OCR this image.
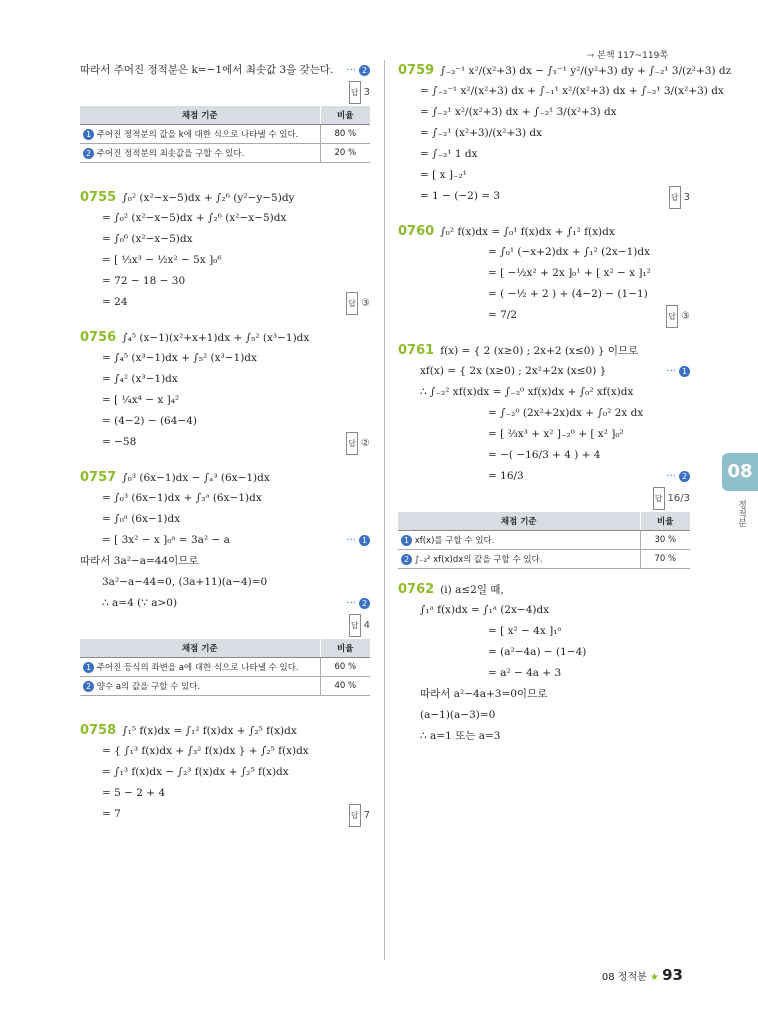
→ 본책 117~119쪽
따라서 주어진 정적분은 k=−1에서 최솟값 3을 갖는다. ··· 2
답 3
채점 기준	비율
1 주어진 정적분의 값을 k에 대한 식으로 나타낼 수 있다.	80 %
2 주어진 정적분의 최솟값을 구할 수 있다.	20 %
0755 ∫₀² (x²−x−5)dx + ∫₂⁶ (y²−y−5)dy
= ∫₀² (x²−x−5)dx + ∫₂⁶ (x²−x−5)dx
= ∫₀⁶ (x²−x−5)dx
= [ ⅓x³ − ½x² − 5x ]₀⁶
= 72 − 18 − 30
= 24	답 ③
0756 ∫₄⁵ (x−1)(x²+x+1)dx + ∫₅² (x³−1)dx
= ∫₄⁵ (x³−1)dx + ∫₅² (x³−1)dx
= ∫₄² (x³−1)dx
= [ ¼x⁴ − x ]₄²
= (4−2) − (64−4)
= −58	답 ②
0757 ∫₀³ (6x−1)dx − ∫ₐ³ (6x−1)dx
= ∫₀³ (6x−1)dx + ∫₃ᵃ (6x−1)dx
= ∫₀ᵃ (6x−1)dx
= [ 3x² − x ]₀ᵃ = 3a² − a	··· 1
따라서 3a²−a=44이므로
3a²−a−44=0, (3a+11)(a−4)=0
∴ a=4 (∵ a>0)	··· 2
답 4
채점 기준	비율
1 주어진 등식의 좌변을 a에 대한 식으로 나타낼 수 있다.	60 %
2 양수 a의 값을 구할 수 있다.	40 %
0758 ∫₁⁵ f(x)dx = ∫₁² f(x)dx + ∫₂⁵ f(x)dx
= { ∫₁³ f(x)dx + ∫₃² f(x)dx } + ∫₂⁵ f(x)dx
= ∫₁³ f(x)dx − ∫₂³ f(x)dx + ∫₂⁵ f(x)dx
= 5 − 2 + 4
= 7	답 7
0759 ∫₋₂⁻¹ x²/(x²+3) dx − ∫₁⁻¹ y²/(y²+3) dy + ∫₋₂¹ 3/(z²+3) dz
= ∫₋₂⁻¹ x²/(x²+3) dx + ∫₋₁¹ x²/(x²+3) dx + ∫₋₂¹ 3/(x²+3) dx
= ∫₋₂¹ x²/(x²+3) dx + ∫₋₂¹ 3/(x²+3) dx
= ∫₋₂¹ (x²+3)/(x²+3) dx
= ∫₋₂¹ 1 dx
= [ x ]₋₂¹
= 1 − (−2) = 3	답 3
0760 ∫₀² f(x)dx = ∫₀¹ f(x)dx + ∫₁² f(x)dx
= ∫₀¹ (−x+2)dx + ∫₁² (2x−1)dx
= [ −½x² + 2x ]₀¹ + [ x² − x ]₁²
= ( −½ + 2 ) + (4−2) − (1−1)
= 7/2	답 ③
0761 f(x) = { 2 (x≥0) ; 2x+2 (x≤0) } 이므로
xf(x) = { 2x (x≥0) ; 2x²+2x (x≤0) }	··· 1
∴ ∫₋₂² xf(x)dx = ∫₋₂⁰ xf(x)dx + ∫₀² xf(x)dx
= ∫₋₂⁰ (2x²+2x)dx + ∫₀² 2x dx
= [ ⅔x³ + x² ]₋₂⁰ + [ x² ]₀²
= −( −16/3 + 4 ) + 4
= 16/3	··· 2
답 16/3
채점 기준	비율
1 xf(x)를 구할 수 있다.	30 %
2 ∫₋₂² xf(x)dx의 값을 구할 수 있다.	70 %
0762 (i) a≤2일 때,
∫₁ᵃ f(x)dx = ∫₁ᵃ (2x−4)dx
= [ x² − 4x ]₁ᵃ
= (a²−4a) − (1−4)
= a² − 4a + 3
따라서 a²−4a+3=0이므로
(a−1)(a−3)=0
∴ a=1 또는 a=3
08
정적분
08 정적분 ★ 93
